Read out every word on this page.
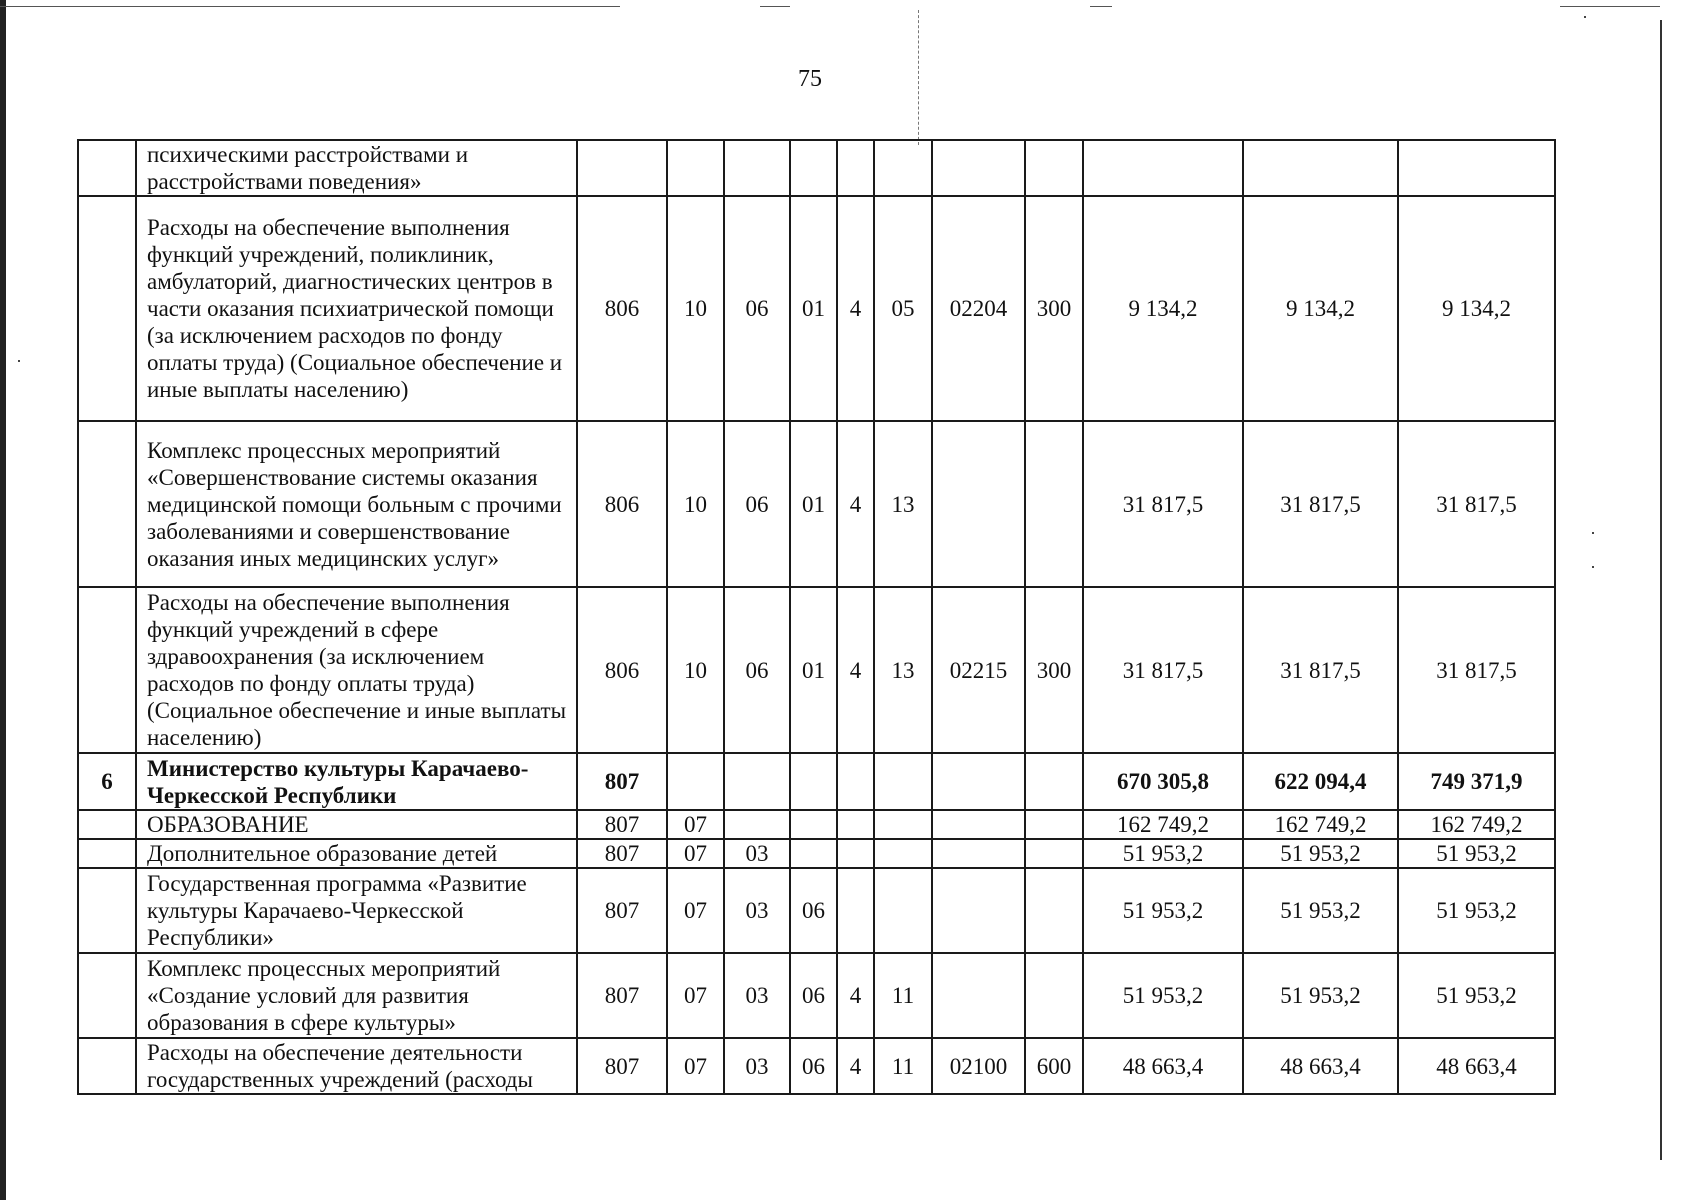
75
	психическими расстройствами и расстройствами поведения»											
	Расходы на обеспечение выполнения функций учреждений, поликлиник, амбулаторий, диагностических центров в части оказания психиатрической помощи (за исключением расходов по фонду оплаты труда) (Социальное обеспечение и иные выплаты населению)	806	10	06	01	4	05	02204	300	9 134,2	9 134,2	9 134,2
	Комплекс процессных мероприятий «Совершенствование системы оказания медицинской помощи больным с прочими заболеваниями и совершенствование оказания иных медицинских услуг»	806	10	06	01	4	13			31 817,5	31 817,5	31 817,5
	Расходы на обеспечение выполнения функций учреждений в сфере здравоохранения (за исключением расходов по фонду оплаты труда) (Социальное обеспечение и иные выплаты населению)	806	10	06	01	4	13	02215	300	31 817,5	31 817,5	31 817,5
6	Министерство культуры Карачаево-Черкесской Республики	807								670 305,8	622 094,4	749 371,9
	ОБРАЗОВАНИЕ	807	07							162 749,2	162 749,2	162 749,2
	Дополнительное образование детей	807	07	03						51 953,2	51 953,2	51 953,2
	Государственная программа «Развитие культуры Карачаево-Черкесской Республики»	807	07	03	06					51 953,2	51 953,2	51 953,2
	Комплекс процессных мероприятий «Создание условий для развития образования в сфере культуры»	807	07	03	06	4	11			51 953,2	51 953,2	51 953,2
	Расходы на обеспечение деятельности государственных учреждений (расходы	807	07	03	06	4	11	02100	600	48 663,4	48 663,4	48 663,4
